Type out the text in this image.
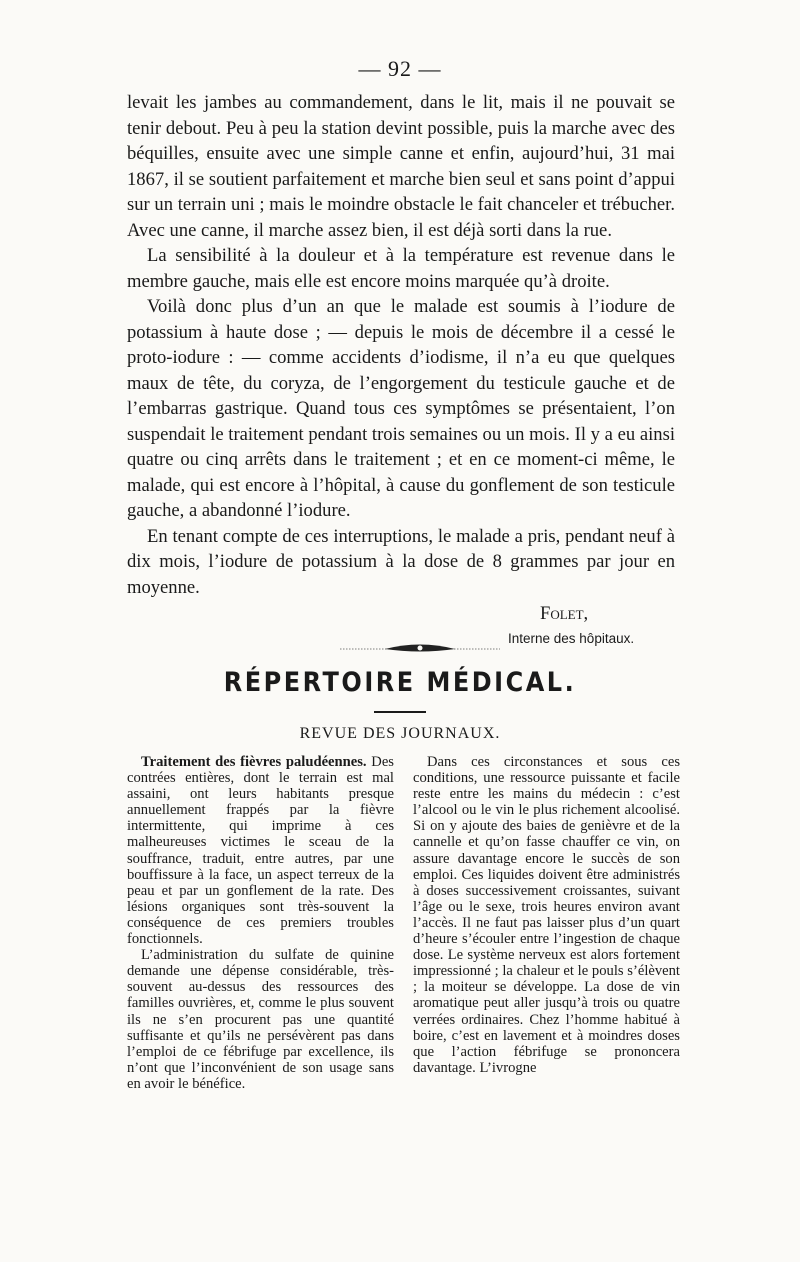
— 92 —

levait les jambes au commandement, dans le lit, mais il ne pouvait se tenir debout. Peu à peu la station devint possible, puis la marche avec des béquilles, ensuite avec une simple canne et enfin, aujourd’hui, 31 mai 1867, il se soutient parfaitement et marche bien seul et sans point d’appui sur un terrain uni ; mais le moindre obstacle le fait chanceler et trébucher. Avec une canne, il marche assez bien, il est déjà sorti dans la rue.

La sensibilité à la douleur et à la température est revenue dans le membre gauche, mais elle est encore moins marquée qu’à droite.

Voilà donc plus d’un an que le malade est soumis à l’iodure de potassium à haute dose ; — depuis le mois de décembre il a cessé le proto-iodure : — comme accidents d’iodisme, il n’a eu que quelques maux de tête, du coryza, de l’engorgement du testicule gauche et de l’embarras gastrique. Quand tous ces symptômes se présentaient, l’on suspendait le traitement pendant trois semaines ou un mois. Il y a eu ainsi quatre ou cinq arrêts dans le traitement ; et en ce moment-ci même, le malade, qui est encore à l’hôpital, à cause du gonflement de son testicule gauche, a abandonné l’iodure.

En tenant compte de ces interruptions, le malade a pris, pendant neuf à dix mois, l’iodure de potassium à la dose de 8 grammes par jour en moyenne.

Folet,
Interne des hôpitaux.
RÉPERTOIRE MÉDICAL.
REVUE DES JOURNAUX.

Traitement des fièvres paludéennes. Des contrées entières, dont le terrain est mal assaini, ont leurs habitants presque annuellement frappés par la fièvre intermittente, qui imprime à ces malheureuses victimes le sceau de la souffrance, traduit, entre autres, par une bouffissure à la face, un aspect terreux de la peau et par un gonflement de la rate. Des lésions organiques sont très-souvent la conséquence de ces premiers troubles fonctionnels.

L’administration du sulfate de quinine demande une dépense considérable, très-souvent au-dessus des ressources des familles ouvrières, et, comme le plus souvent ils ne s’en procurent pas une quantité suffisante et qu’ils ne persévèrent pas dans l’emploi de ce fébrifuge par excellence, ils n’ont que l’inconvénient de son usage sans en avoir le bénéfice.

Dans ces circonstances et sous ces conditions, une ressource puissante et facile reste entre les mains du médecin : c’est l’alcool ou le vin le plus richement alcoolisé. Si on y ajoute des baies de genièvre et de la cannelle et qu’on fasse chauffer ce vin, on assure davantage encore le succès de son emploi. Ces liquides doivent être administrés à doses successivement croissantes, suivant l’âge ou le sexe, trois heures environ avant l’accès. Il ne faut pas laisser plus d’un quart d’heure s’écouler entre l’ingestion de chaque dose. Le système nerveux est alors fortement impressionné ; la chaleur et le pouls s’élèvent ; la moiteur se développe. La dose de vin aromatique peut aller jusqu’à trois ou quatre verrées ordinaires. Chez l’homme habitué à boire, c’est en lavement et à moindres doses que l’action fébrifuge se prononcera davantage. L’ivrogne
